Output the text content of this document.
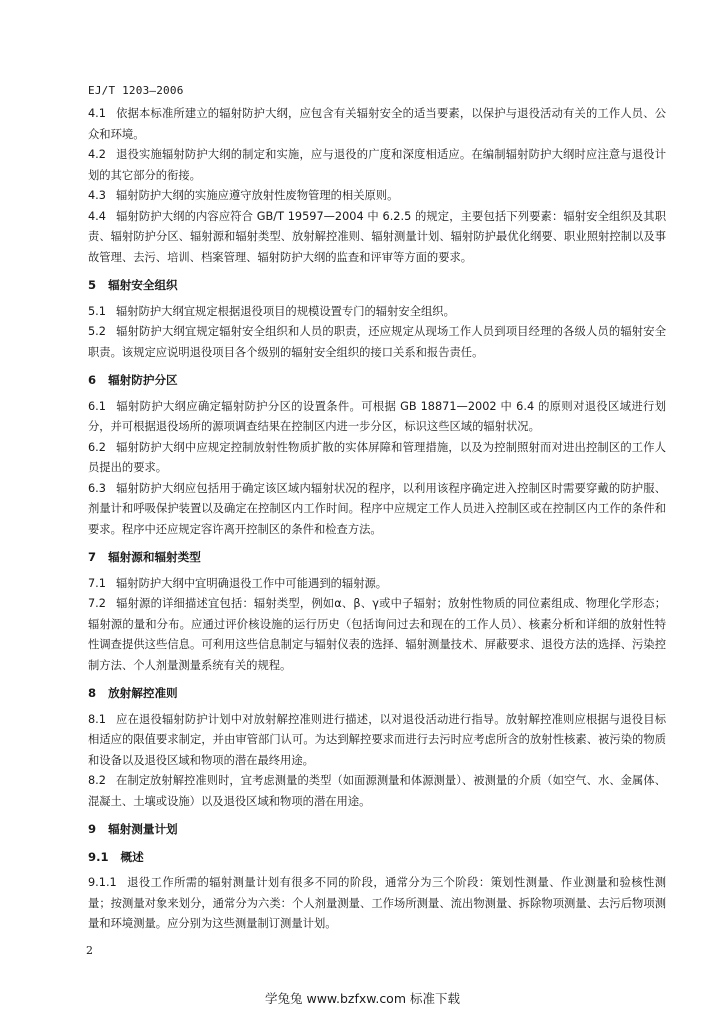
EJ/T 1203—2006
4.1 依据本标准所建立的辐射防护大纲，应包含有关辐射安全的适当要素，以保护与退役活动有关的工作人员、公众和环境。
4.2 退役实施辐射防护大纲的制定和实施，应与退役的广度和深度相适应。在编制辐射防护大纲时应注意与退役计划的其它部分的衔接。
4.3 辐射防护大纲的实施应遵守放射性废物管理的相关原则。
4.4 辐射防护大纲的内容应符合 GB/T 19597—2004 中 6.2.5 的规定，主要包括下列要素：辐射安全组织及其职责、辐射防护分区、辐射源和辐射类型、放射解控准则、辐射测量计划、辐射防护最优化纲要、职业照射控制以及事故管理、去污、培训、档案管理、辐射防护大纲的监查和评审等方面的要求。
5 辐射安全组织
5.1 辐射防护大纲宜规定根据退役项目的规模设置专门的辐射安全组织。
5.2 辐射防护大纲宜规定辐射安全组织和人员的职责，还应规定从现场工作人员到项目经理的各级人员的辐射安全职责。该规定应说明退役项目各个级别的辐射安全组织的接口关系和报告责任。
6 辐射防护分区
6.1 辐射防护大纲应确定辐射防护分区的设置条件。可根据 GB 18871—2002 中 6.4 的原则对退役区域进行划分，并可根据退役场所的源项调查结果在控制区内进一步分区，标识这些区域的辐射状况。
6.2 辐射防护大纲中应规定控制放射性物质扩散的实体屏障和管理措施，以及为控制照射而对进出控制区的工作人员提出的要求。
6.3 辐射防护大纲应包括用于确定该区域内辐射状况的程序，以利用该程序确定进入控制区时需要穿戴的防护服、剂量计和呼吸保护装置以及确定在控制区内工作时间。程序中应规定工作人员进入控制区或在控制区内工作的条件和要求。程序中还应规定容许离开控制区的条件和检查方法。
7 辐射源和辐射类型
7.1 辐射防护大纲中宜明确退役工作中可能遇到的辐射源。
7.2 辐射源的详细描述宜包括：辐射类型，例如α、β、γ或中子辐射；放射性物质的同位素组成、物理化学形态；辐射源的量和分布。应通过评价核设施的运行历史（包括询问过去和现在的工作人员）、核素分析和详细的放射性特性调查提供这些信息。可利用这些信息制定与辐射仪表的选择、辐射测量技术、屏蔽要求、退役方法的选择、污染控制方法、个人剂量测量系统有关的规程。
8 放射解控准则
8.1 应在退役辐射防护计划中对放射解控准则进行描述，以对退役活动进行指导。放射解控准则应根据与退役目标相适应的限值要求制定，并由审管部门认可。为达到解控要求而进行去污时应考虑所含的放射性核素、被污染的物质和设备以及退役区域和物项的潜在最终用途。
8.2 在制定放射解控准则时，宜考虑测量的类型（如面源测量和体源测量）、被测量的介质（如空气、水、金属体、混凝土、土壤或设施）以及退役区域和物项的潜在用途。
9 辐射测量计划
9.1 概述
9.1.1 退役工作所需的辐射测量计划有很多不同的阶段，通常分为三个阶段：策划性测量、作业测量和验核性测量；按测量对象来划分，通常分为六类：个人剂量测量、工作场所测量、流出物测量、拆除物项测量、去污后物项测量和环境测量。应分别为这些测量制订测量计划。
2
学兔兔 www.bzfxw.com 标准下载
